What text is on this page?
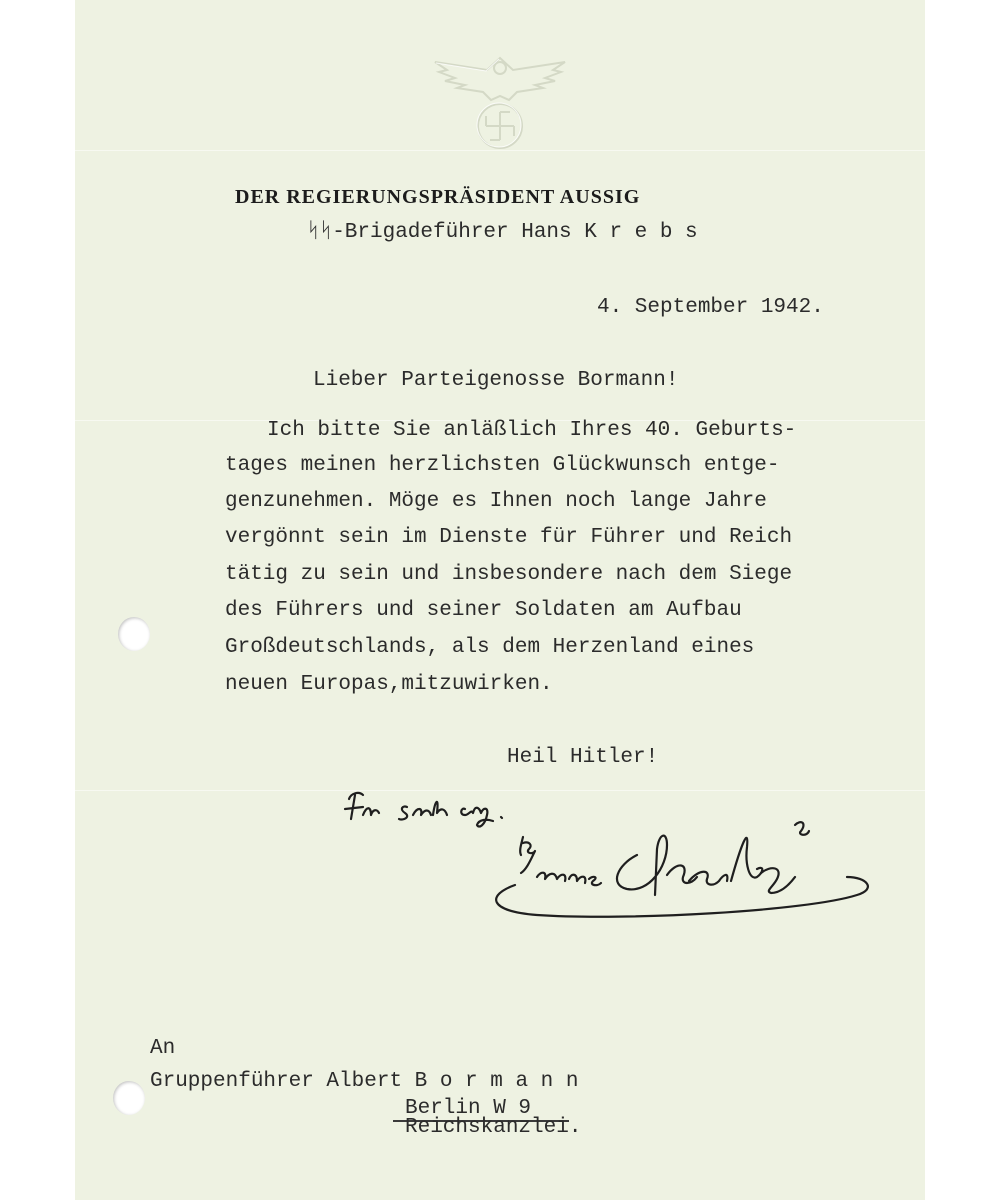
DER REGIERUNGSPRÄSIDENT AUSSIG
ᛋᛋ-Brigadeführer Hans K r e b s
4. September 1942.
Lieber Parteigenosse Bormann!
Ich bitte Sie anläßlich Ihres 40. Geburts-
tages meinen herzlichsten Glückwunsch entge-
genzunehmen. Möge es Ihnen noch lange Jahre
vergönnt sein im Dienste für Führer und Reich
tätig zu sein und insbesondere nach dem Siege
des Führers und seiner Soldaten am Aufbau
Großdeutschlands, als dem Herzenland eines
neuen Europas,mitzuwirken.
Heil Hitler!
An
Gruppenführer Albert B o r m a n n
Berlin W 9
Reichskanzlei.
